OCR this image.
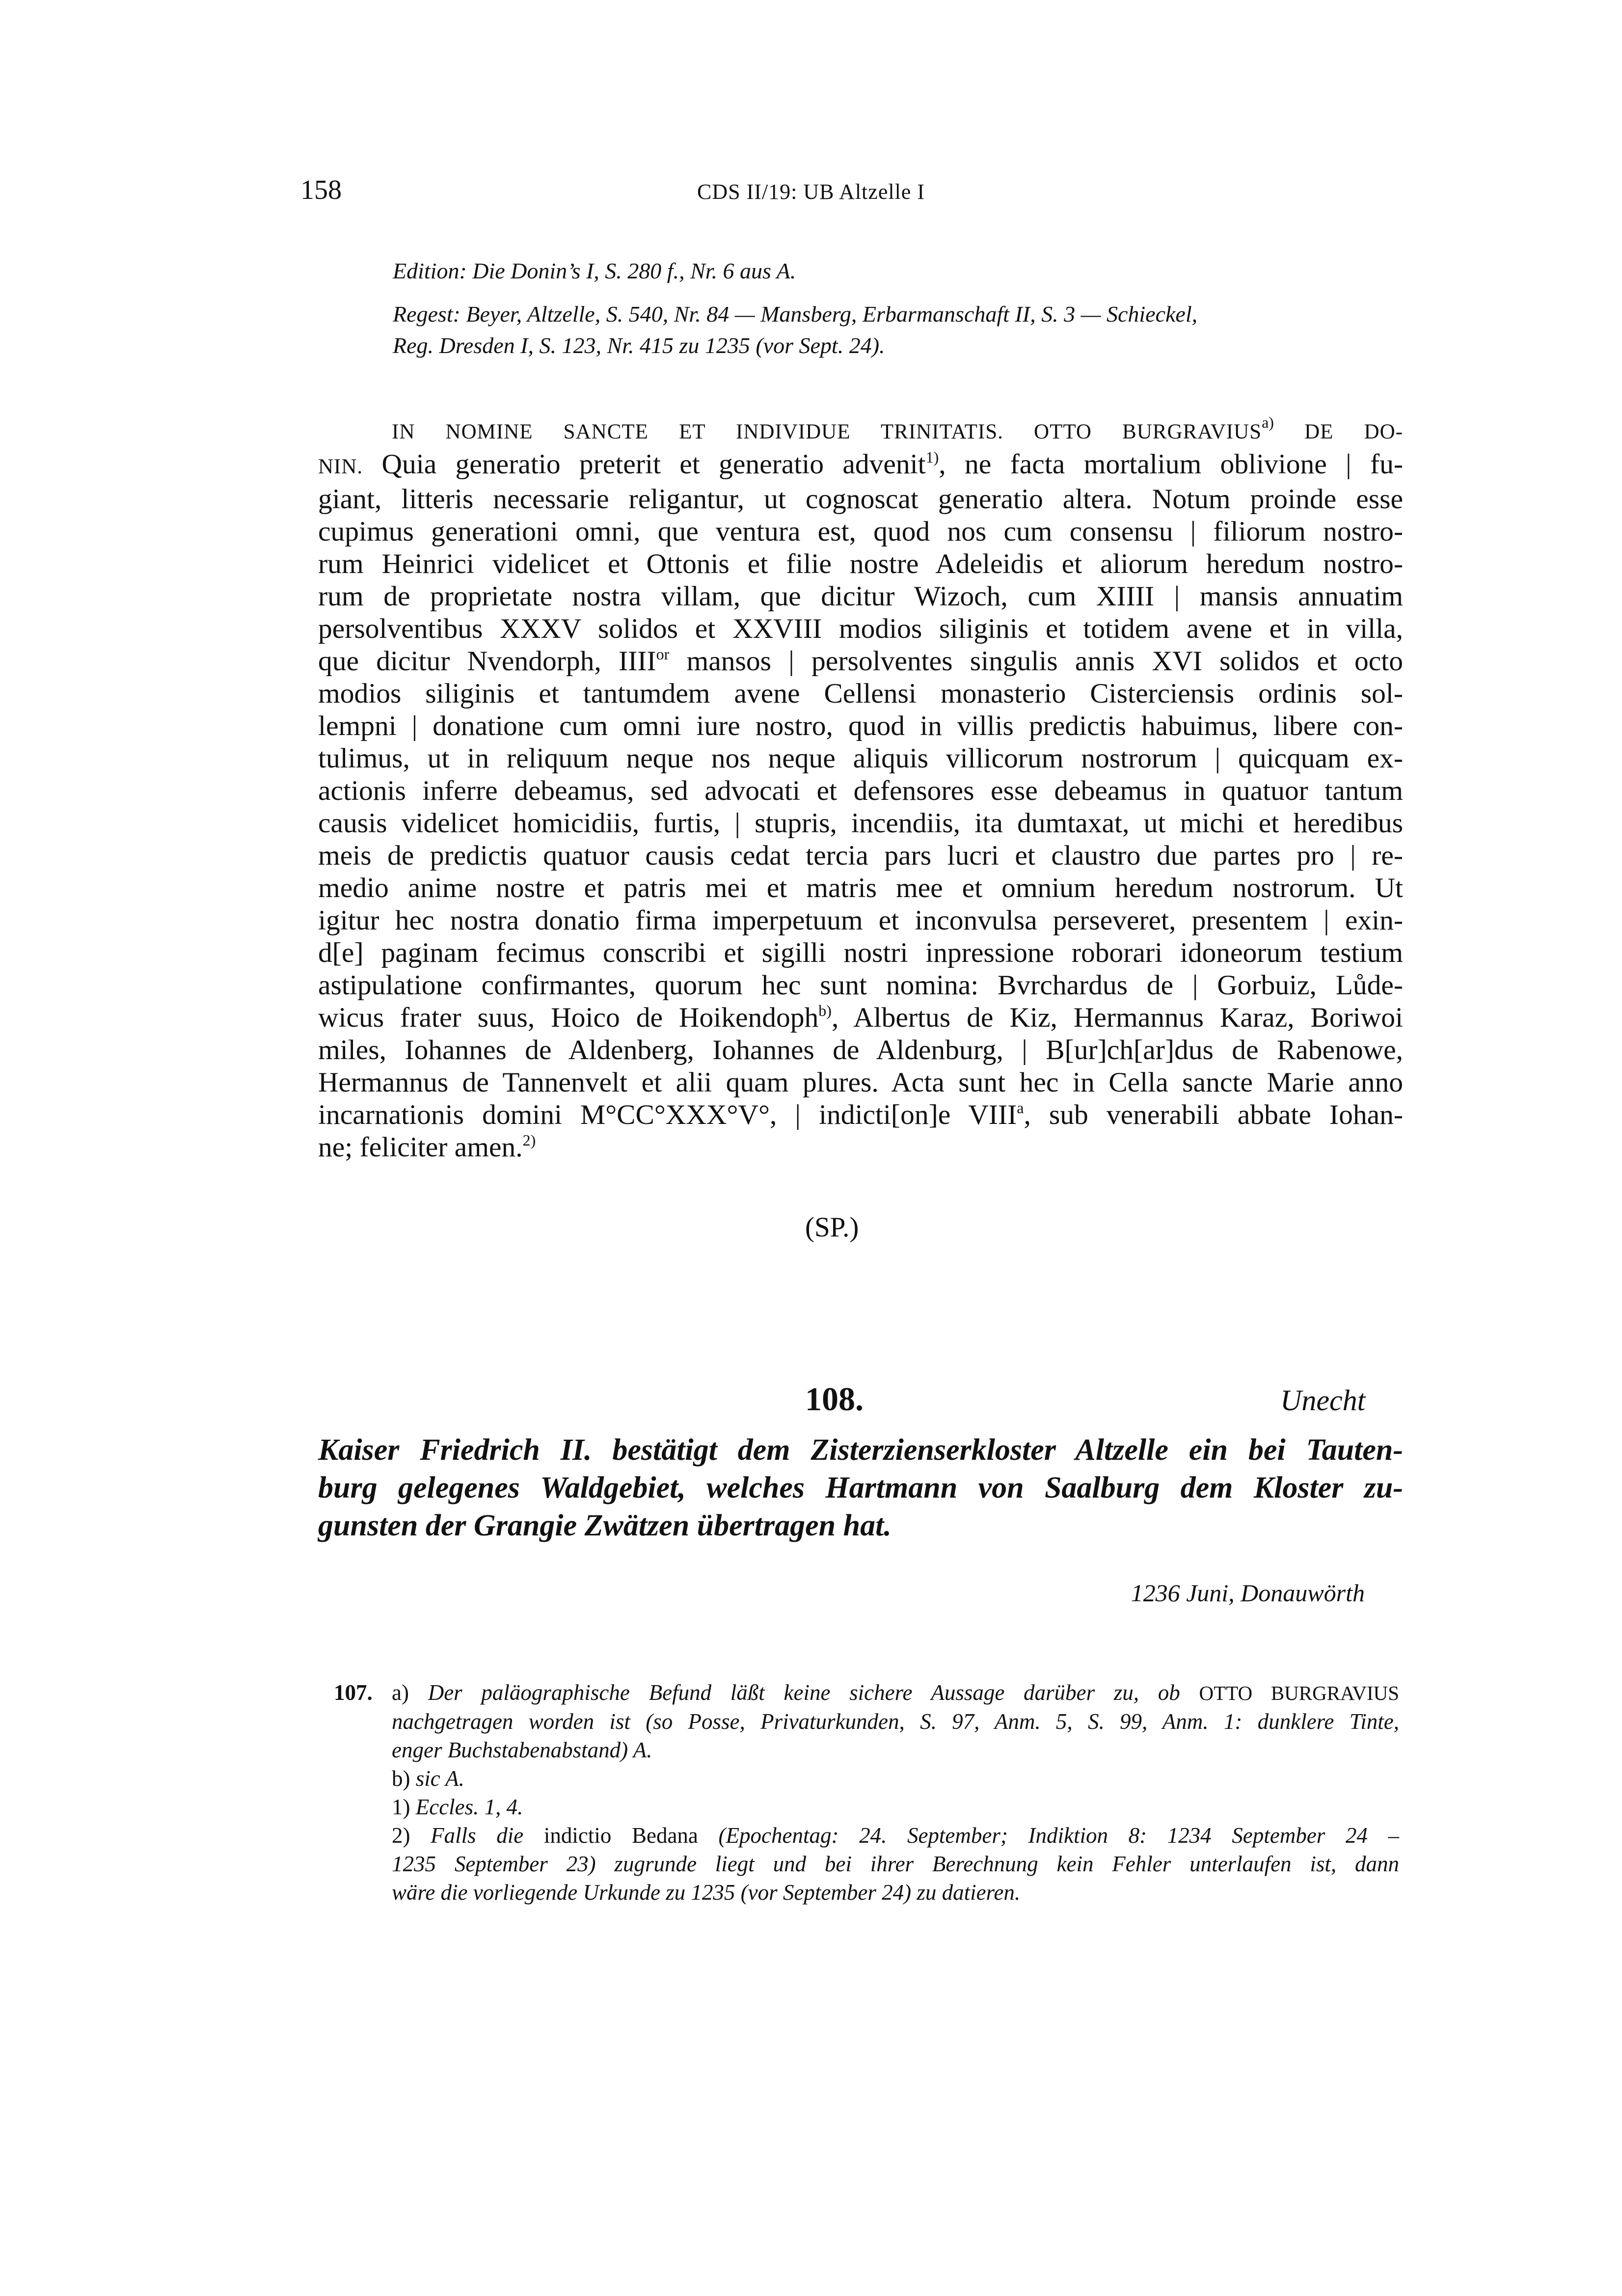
158	CDS II/19: UB Altzelle I

Edition: Die Donin’s I, S. 280 f., Nr. 6 aus A.

Regest: Beyer, Altzelle, S. 540, Nr. 84 — Mansberg, Erbarmanschaft II, S. 3 — Schieckel,

Reg. Dresden I, S. 123, Nr. 415 zu 1235 (vor Sept. 24).

IN NOMINE SANCTE ET INDIVIDUE TRINITATIS. OTTO BURGRAVIUS$^{a)}$ DE DO-
NIN. Quia generatio preterit et generatio advenit$^{1)}$, ne facta mortalium oblivione | fu-
giant, litteris necessarie religantur, ut cognoscat generatio altera. Notum proinde esse
cupimus generationi omni, que ventura est, quod nos cum consensu | filiorum nostro-
rum Heinrici videlicet et Ottonis et filie nostre Adeleidis et aliorum heredum nostro-
rum de proprietate nostra villam, que dicitur Wizoch, cum XIIII | mansis annuatim
persolventibus XXXV solidos et XXVIII modios siliginis et totidem avene et in villa,
que dicitur Nvendorph, $IIII^{or}$ mansos | persolventes singulis annis XVI solidos et octo
modios siliginis et tantumdem avene Cellensi monasterio Cisterciensis ordinis sol-
lempni | donatione cum omni iure nostro, quod in villis predictis habuimus, libere con-
tulimus, ut in reliquum neque nos neque aliquis villicorum nostrorum | quicquam ex-
actionis inferre debeamus, sed advocati et defensores esse debeamus in quatuor tantum
causis videlicet homicidiis, furtis, | stupris, incendiis, ita dumtaxat, ut michi et heredibus
meis de predictis quatuor causis cedat tercia pars lucri et claustro due partes pro | re-
medio anime nostre et patris mei et matris mee et omnium heredum nostrorum. Ut
igitur hec nostra donatio firma imperpetuum et inconvulsa perseveret, presentem | exin-
d[e] paginam fecimus conscribi et sigilli nostri inpressione roborari idoneorum testium
astipulatione confirmantes, quorum hec sunt nomina: Bvrchardus de | Gorbuiz, Lůde-
wicus frater suus, Hoico de Hoikendoph$^{b)}$, Albertus de Kiz, Hermannus Karaz, Boriwoi
miles, Iohannes de Aldenberg, Iohannes de Aldenburg, | B[ur]ch[ar]dus de Rabenowe,
Hermannus de Tannenvelt et alii quam plures. Acta sunt hec in Cella sancte Marie anno
incarnationis domini M°CC°XXX°V°, | indicti[on]e VIII$^a$, sub venerabili abbate Iohan-
ne; feliciter amen.$^{2)}$
(SP.)
108.	Unecht
Kaiser Friedrich II. bestätigt dem Zisterzienserkloster Altzelle ein bei Tauten-
burg gelegenes Waldgebiet, welches Hartmann von Saalburg dem Kloster zu-
gunsten der Grangie Zwätzen übertragen hat.
1236 Juni, Donauwörth
107. a) Der paläographische Befund läßt keine sichere Aussage darüber zu, ob OTTO BURGRAVIUS
nachgetragen worden ist (so Posse, Privaturkunden, S. 97, Anm. 5, S. 99, Anm. 1: dunklere Tinte,
enger Buchstabenabstand) A.
b) sic A.
1) Eccles. 1, 4.
2) Falls die indictio Bedana (Epochentag: 24. September; Indiktion 8: 1234 September 24 –
1235 September 23) zugrunde liegt und bei ihrer Berechnung kein Fehler unterlaufen ist, dann
wäre die vorliegende Urkunde zu 1235 (vor September 24) zu datieren.
